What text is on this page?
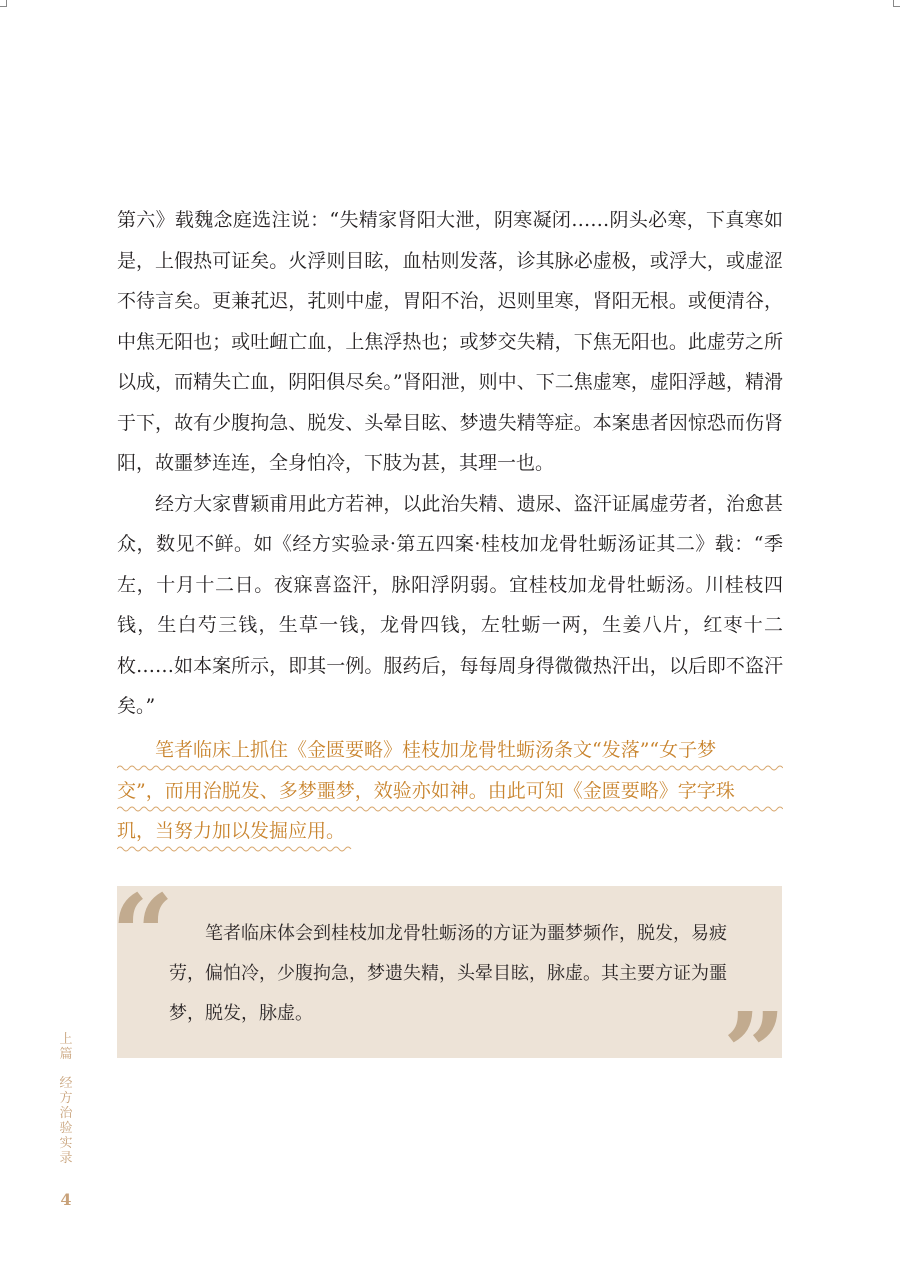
第六》载魏念庭选注说：“失精家肾阳大泄，阴寒凝闭……阴头必寒，下真寒如是，上假热可证矣。火浮则目眩，血枯则发落，诊其脉必虚极，或浮大，或虚涩不待言矣。更兼芤迟，芤则中虚，胃阳不治，迟则里寒，肾阳无根。或便清谷，中焦无阳也；或吐衄亡血，上焦浮热也；或梦交失精，下焦无阳也。此虚劳之所以成，而精失亡血，阴阳俱尽矣。”肾阳泄，则中、下二焦虚寒，虚阳浮越，精滑于下，故有少腹拘急、脱发、头晕目眩、梦遗失精等症。本案患者因惊恐而伤肾阳，故噩梦连连，全身怕冷，下肢为甚，其理一也。

经方大家曹颖甫用此方若神，以此治失精、遗尿、盗汗证属虚劳者，治愈甚众，数见不鲜。如《经方实验录·第五四案·桂枝加龙骨牡蛎汤证其二》载：“季左，十月十二日。夜寐喜盗汗，脉阳浮阴弱。宜桂枝加龙骨牡蛎汤。川桂枝四钱，生白芍三钱，生草一钱，龙骨四钱，左牡蛎一两，生姜八片，红枣十二枚……如本案所示，即其一例。服药后，每每周身得微微热汗出，以后即不盗汗矣。”

笔者临床上抓住《金匮要略》桂枝加龙骨牡蛎汤条文“发落”“女子梦
交”，而用治脱发、多梦噩梦，效验亦如神。由此可知《金匮要略》字字珠
玑，当努力加以发掘应用。
“	笔者临床体会到桂枝加龙骨牡蛎汤的方证为噩梦频作，脱发，易疲劳，偏怕冷，少腹拘急，梦遗失精，头晕目眩，脉虚。其主要方证为噩梦，脱发，脉虚。	”
上
篇
经
方
治
验
实
录
4
